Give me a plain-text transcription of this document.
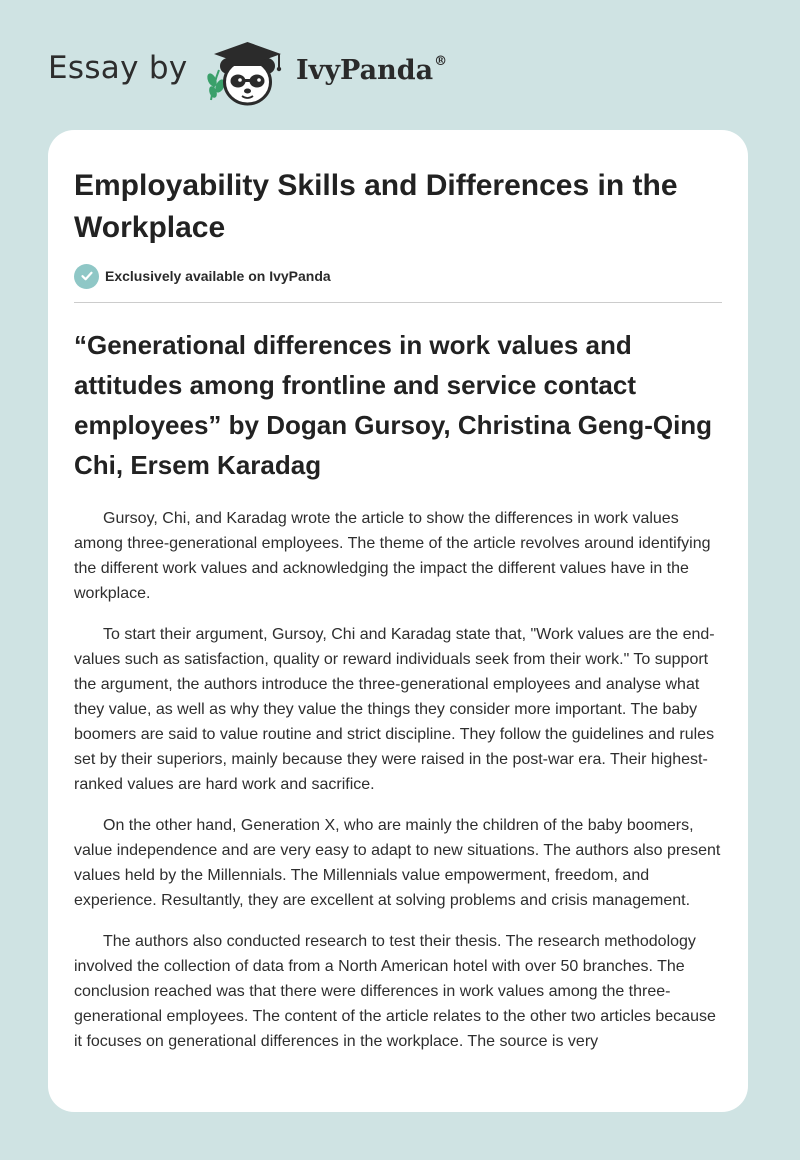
Essay by	IvyPanda®
Employability Skills and Differences in the Workplace
Exclusively available on IvyPanda
“Generational differences in work values and attitudes among frontline and service contact employees” by Dogan Gursoy, Christina Geng-Qing Chi, Ersem Karadag

Gursoy, Chi, and Karadag wrote the article to show the differences in work values among three-generational employees. The theme of the article revolves around identifying the different work values and acknowledging the impact the different values have in the workplace.

To start their argument, Gursoy, Chi and Karadag state that, "Work values are the end-values such as satisfaction, quality or reward individuals seek from their work." To support the argument, the authors introduce the three-generational employees and analyse what they value, as well as why they value the things they consider more important. The baby boomers are said to value routine and strict discipline. They follow the guidelines and rules set by their superiors, mainly because they were raised in the post-war era. Their highest-ranked values are hard work and sacrifice.

On the other hand, Generation X, who are mainly the children of the baby boomers, value independence and are very easy to adapt to new situations. The authors also present values held by the Millennials. The Millennials value empowerment, freedom, and experience. Resultantly, they are excellent at solving problems and crisis management.

The authors also conducted research to test their thesis. The research methodology involved the collection of data from a North American hotel with over 50 branches. The conclusion reached was that there were differences in work values among the three-generational employees. The content of the article relates to the other two articles because it focuses on generational differences in the workplace. The source is very
